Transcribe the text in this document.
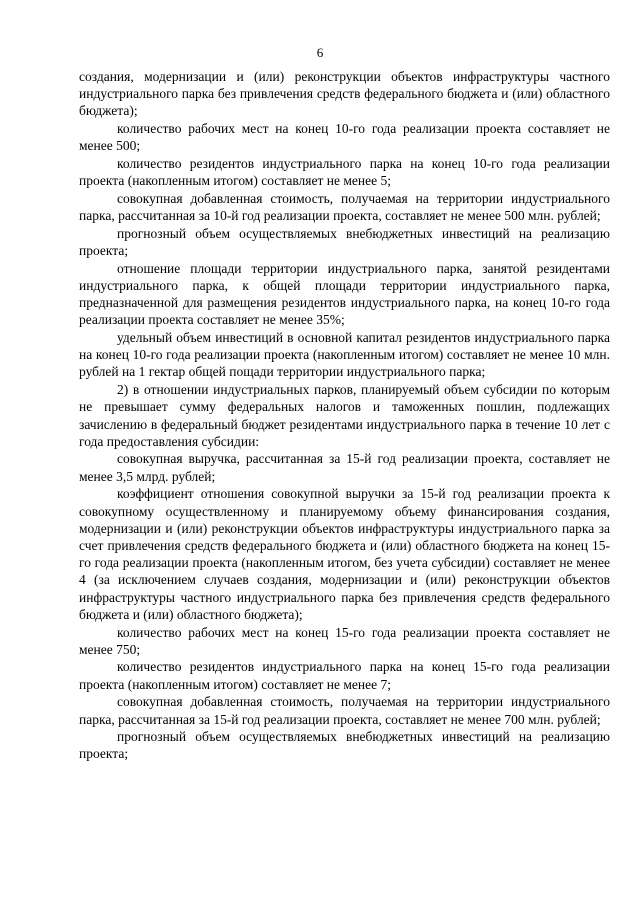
6

создания, модернизации и (или) реконструкции объектов инфраструктуры частного индустриального парка без привлечения средств федерального бюджета и (или) областного бюджета);

количество рабочих мест на конец 10-го года реализации проекта составляет не менее 500;

количество резидентов индустриального парка на конец 10-го года реализации проекта (накопленным итогом) составляет не менее 5;

совокупная добавленная стоимость, получаемая на территории индустриального парка, рассчитанная за 10-й год реализации проекта, составляет не менее 500 млн. рублей;

прогнозный объем осуществляемых внебюджетных инвестиций на реализацию проекта;

отношение площади территории индустриального парка, занятой резидентами индустриального парка, к общей площади территории индустриального парка, предназначенной для размещения резидентов индустриального парка, на конец 10-го года реализации проекта составляет не менее 35%;

удельный объем инвестиций в основной капитал резидентов индустриального парка на конец 10-го года реализации проекта (накопленным итогом) составляет не менее 10 млн. рублей на 1 гектар общей пощади территории индустриального парка;

2) в отношении индустриальных парков, планируемый объем субсидии по которым не превышает сумму федеральных налогов и таможенных пошлин, подлежащих зачислению в федеральный бюджет резидентами индустриального парка в течение 10 лет с года предоставления субсидии:

совокупная выручка, рассчитанная за 15-й год реализации проекта, составляет не менее 3,5 млрд. рублей;

коэффициент отношения совокупной выручки за 15-й год реализации проекта к совокупному осуществленному и планируемому объему финансирования создания, модернизации и (или) реконструкции объектов инфраструктуры индустриального парка за счет привлечения средств федерального бюджета и (или) областного бюджета на конец 15-го года реализации проекта (накопленным итогом, без учета субсидии) составляет не менее 4 (за исключением случаев создания, модернизации и (или) реконструкции объектов инфраструктуры частного индустриального парка без привлечения средств федерального бюджета и (или) областного бюджета);

количество рабочих мест на конец 15-го года реализации проекта составляет не менее 750;

количество резидентов индустриального парка на конец 15-го года реализации проекта (накопленным итогом) составляет не менее 7;

совокупная добавленная стоимость, получаемая на территории индустриального парка, рассчитанная за 15-й год реализации проекта, составляет не менее 700 млн. рублей;

прогнозный объем осуществляемых внебюджетных инвестиций на реализацию проекта;
